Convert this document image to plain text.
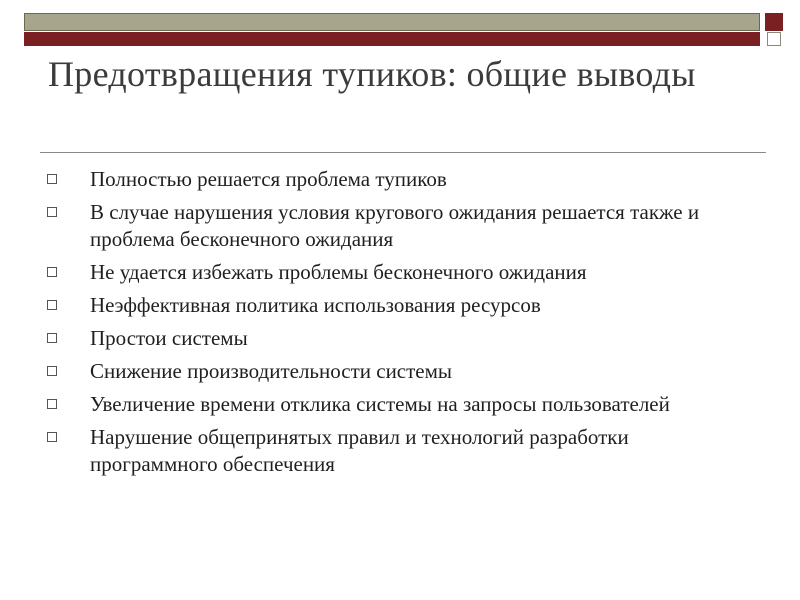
Предотвращения тупиков: общие выводы
Полностью решается проблема тупиков
В случае нарушения условия кругового ожидания решается также и проблема бесконечного ожидания
Не удается избежать проблемы бесконечного ожидания
Неэффективная политика использования ресурсов
Простои системы
Снижение производительности системы
Увеличение времени отклика системы на запросы пользователей
Нарушение общепринятых правил и технологий разработки программного обеспечения
